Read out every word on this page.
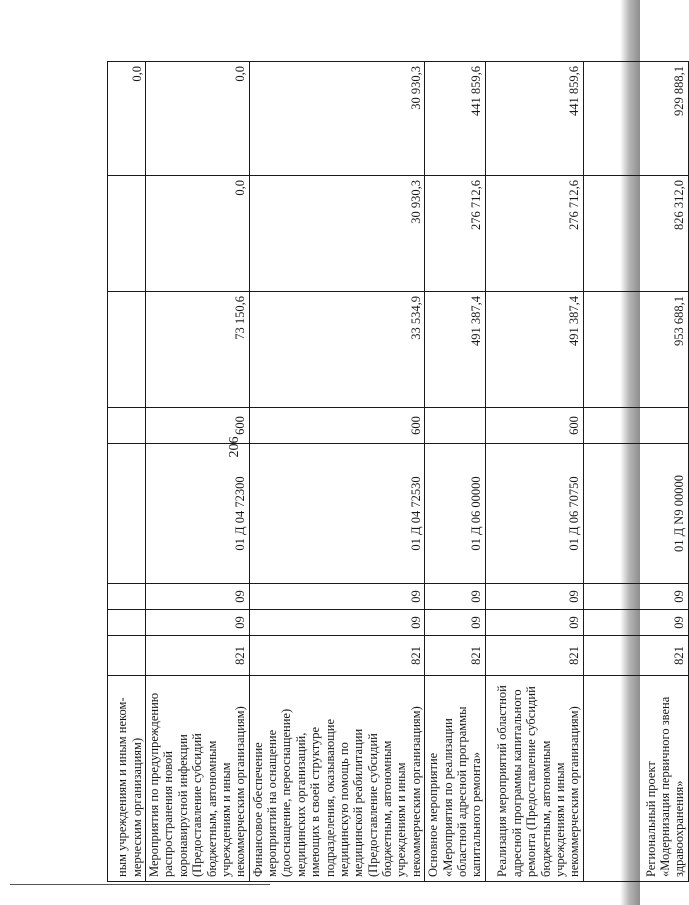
206
ным учреждениям и иным неком-мерческим организациям)								0,0
Мероприятия по предупреждению распространения новой коронавирусной инфекции (Предоставление субсидий бюджетным, автономным учреждениям и иным некоммерческим организациям)	821	09	09	01 Д 04 72300	600	73 150,6	0,0	0,0
Финансовое обеспечение мероприятий на оснащение (дооснащение, переоснащение) медицинских организаций, имеющих в своей структуре подразделения, оказывающие медицинскую помощь по медицинской реабилитации (Предоставление субсидий бюджетным, автономным учреждениям и иным некоммерческим организациям)	821	09	09	01 Д 04 72530	600	33 534,9	30 930,3	30 930,3
Основное мероприятие «Мероприятия по реализации областной адресной программы капитального ремонта»	821	09	09	01 Д 06 00000		491 387,4	276 712,6	441 859,6
Реализация мероприятий областной адресной программы капитального ремонта (Предоставление субсидий бюджетным, автономным учреждениям и иным некоммерческим организациям)	821	09	09	01 Д 06 70750	600	491 387,4	276 712,6	441 859,6
Региональный проект «Модернизация первичного звена здравоохранения»	821	09	09	01 Д N9 00000		953 688,1	826 312,0	929 888,1
